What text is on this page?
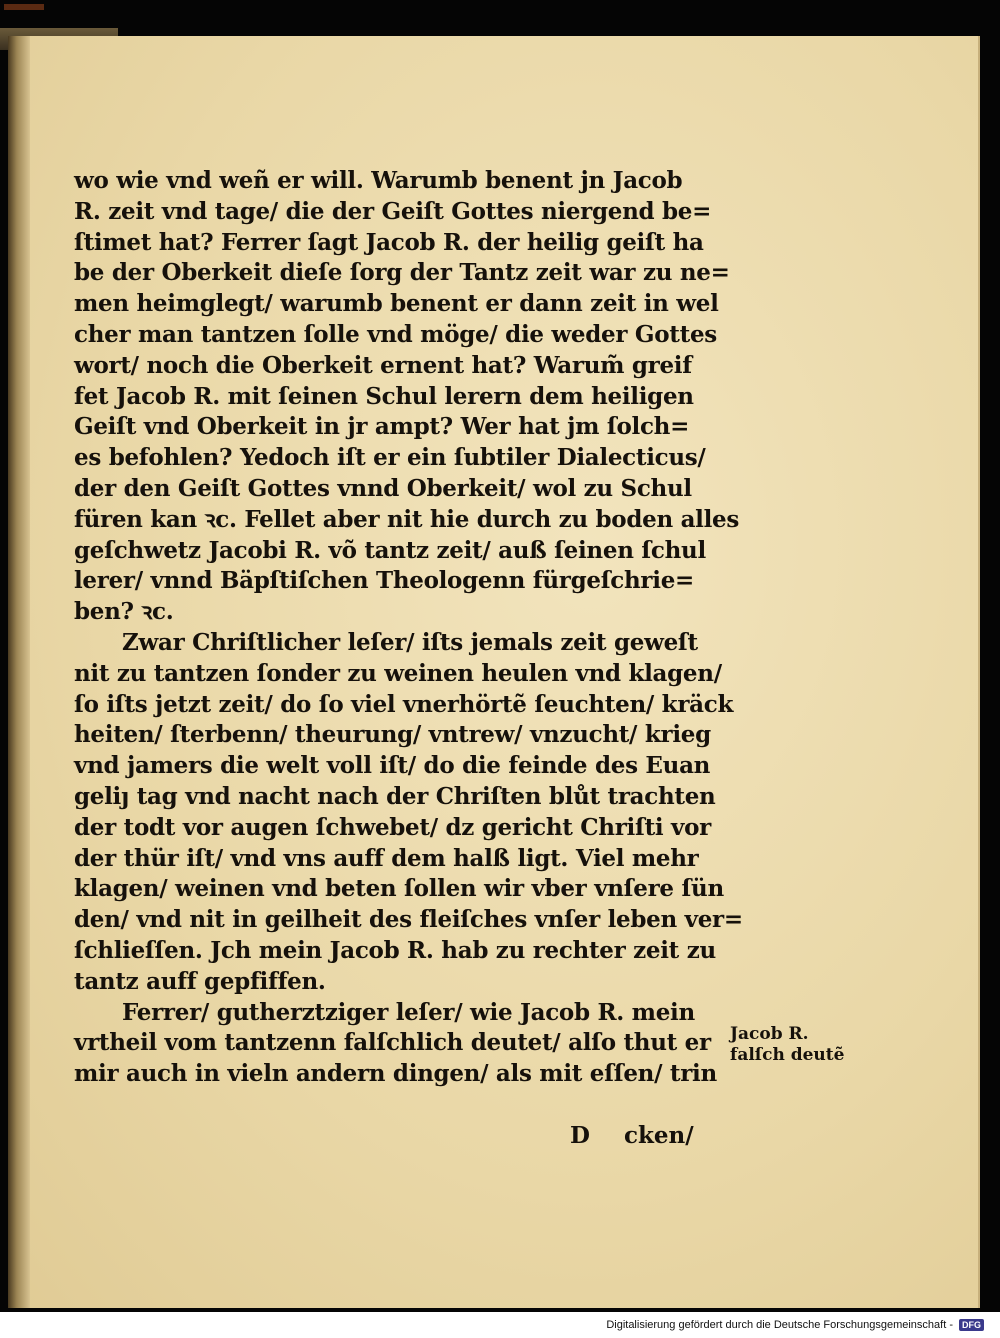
wo wie vnd weñ er will. Warumb benent jn Jacob
R. zeit vnd tage/ die der Geiſt Gottes niergend be=
ſtimet hat? Ferrer ſagt Jacob R. der heilig geiſt ha
be der Oberkeit dieſe ſorg der Tantz zeit war zu ne=
men heimglegt/ warumb benent er dann zeit in wel
cher man tantzen ſolle vnd möge/ die weder Gottes
wort/ noch die Oberkeit ernent hat? Warum̃ greif
fet Jacob R. mit ſeinen Schul lerern dem heiligen
Geiſt vnd Oberkeit in jr ampt? Wer hat jm ſolch=
es befohlen? Yedoch iſt er ein ſubtiler Dialecticus/
der den Geiſt Gottes vnnd Oberkeit/ wol zu Schul
füren kan ꝛc. Fellet aber nit hie durch zu boden alles
geſchwetz Jacobi R. võ tantz zeit/ auß ſeinen ſchul
lerer/ vnnd Bäpſtiſchen Theologenn fürgeſchrie=
ben? ꝛc.
Zwar Chriſtlicher leſer/ iſts jemals zeit geweſt
nit zu tantzen ſonder zu weinen heulen vnd klagen/
ſo iſts jetzt zeit/ do ſo viel vnerhörtẽ ſeuchten/ kräck
heiten/ ſterbenn/ theurung/ vntrew/ vnzucht/ krieg
vnd jamers die welt voll iſt/ do die feinde des Euan
geliȷ tag vnd nacht nach der Chriſten blůt trachten
der todt vor augen ſchwebet/ dz gericht Chriſti vor
der thür iſt/ vnd vns auff dem halß ligt. Viel mehr
klagen/ weinen vnd beten ſollen wir vber vnſere ſün
den/ vnd nit in geilheit des fleiſches vnſer leben ver=
ſchlieſſen. Jch mein Jacob R. hab zu rechter zeit zu
tantz auff gepfiffen.
Ferrer/ gutherztziger leſer/ wie Jacob R. mein
vrtheil vom tantzenn falſchlich deutet/ alſo thut er
mir auch in vieln andern dingen/ als mit eſſen/ trin
Jacob R.
falſch deutẽ
D cken/
Digitalisierung gefördert durch die Deutsche Forschungsgemeinschaft -	DFG
